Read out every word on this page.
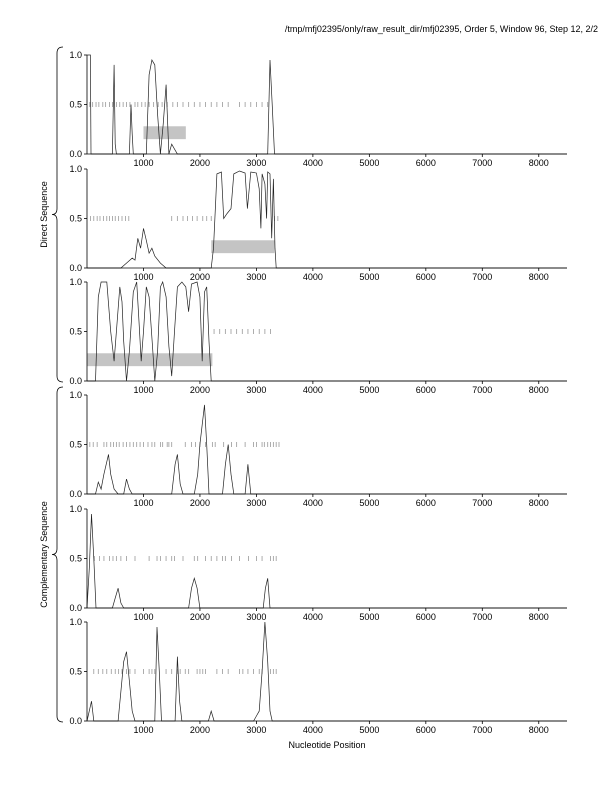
/tmp/mfj02395/only/raw_result_dir/mfj02395, Order 5, Window 96, Step 12, 2/2
0.0
0.5
1.0
1000	2000	3000	4000	5000	6000	7000	8000
0.0
0.5
1.0
1000	2000	3000	4000	5000	6000	7000	8000
0.0
0.5
1.0
1000	2000	3000	4000	5000	6000	7000	8000
0.0
0.5
1.0
1000	2000	3000	4000	5000	6000	7000	8000
0.0
0.5
1.0
1000	2000	3000	4000	5000	6000	7000	8000
0.0
0.5
1.0
1000	2000	3000	4000	5000	6000	7000	8000
Direct Sequence
Complementary Sequence
Nucleotide Position
